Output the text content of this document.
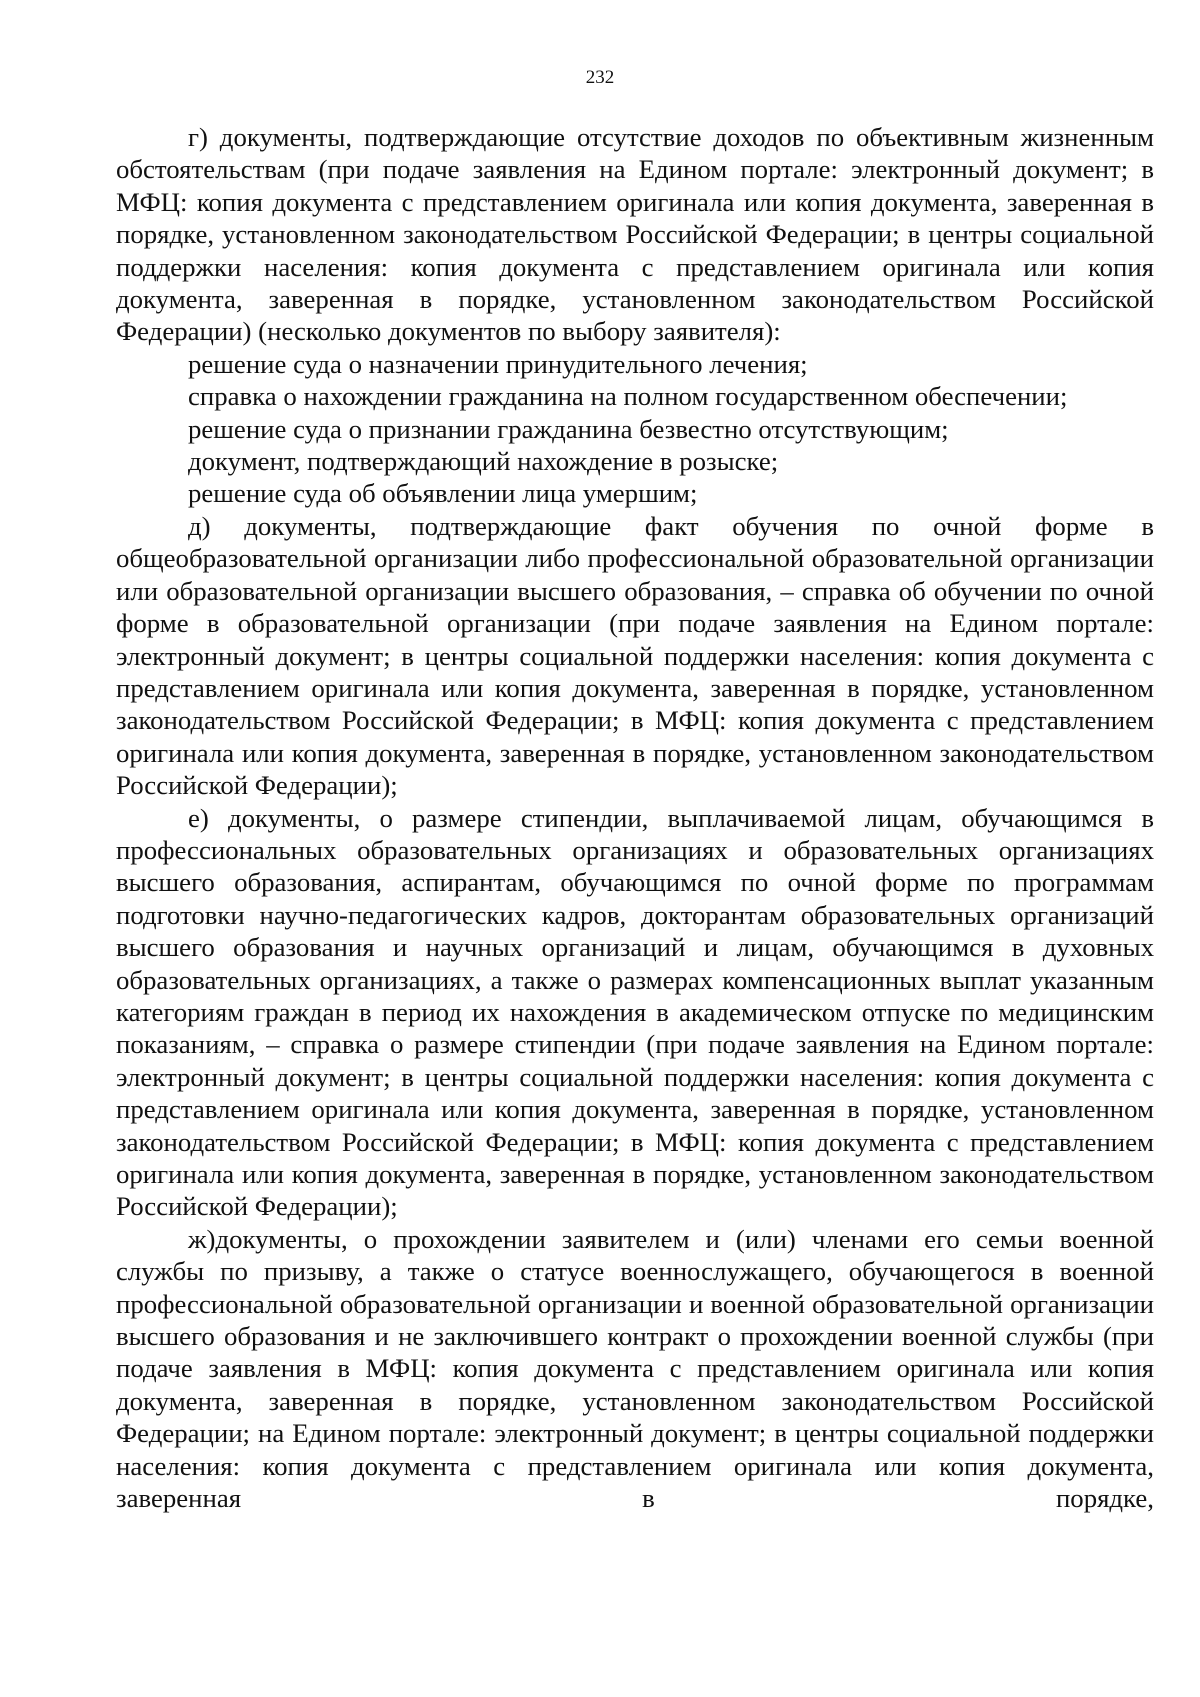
232

г) документы, подтверждающие отсутствие доходов по объективным жизненным обстоятельствам (при подаче заявления на Едином портале: электронный документ; в МФЦ: копия документа с представлением оригинала или копия документа, заверенная в порядке, установленном законодательством Российской Федерации; в центры социальной поддержки населения: копия документа с представлением оригинала или копия документа, заверенная в порядке, установленном законодательством Российской Федерации) (несколько документов по выбору заявителя):

решение суда о назначении принудительного лечения;

справка о нахождении гражданина на полном государственном обеспечении;

решение суда о признании гражданина безвестно отсутствующим;

документ, подтверждающий нахождение в розыске;

решение суда об объявлении лица умершим;

д) документы, подтверждающие факт обучения по очной форме в общеобразовательной организации либо профессиональной образовательной организации или образовательной организации высшего образования, – справка об обучении по очной форме в образовательной организации (при подаче заявления на Едином портале: электронный документ; в центры социальной поддержки населения: копия документа с представлением оригинала или копия документа, заверенная в порядке, установленном законодательством Российской Федерации; в МФЦ: копия документа с представлением оригинала или копия документа, заверенная в порядке, установленном законодательством Российской Федерации);

е) документы, о размере стипендии, выплачиваемой лицам, обучающимся в профессиональных образовательных организациях и образовательных организациях высшего образования, аспирантам, обучающимся по очной форме по программам подготовки научно-педагогических кадров, докторантам образовательных организаций высшего образования и научных организаций и лицам, обучающимся в духовных образовательных организациях, а также о размерах компенсационных выплат указанным категориям граждан в период их нахождения в академическом отпуске по медицинским показаниям, – справка о размере стипендии (при подаче заявления на Едином портале: электронный документ; в центры социальной поддержки населения: копия документа с представлением оригинала или копия документа, заверенная в порядке, установленном законодательством Российской Федерации; в МФЦ: копия документа с представлением оригинала или копия документа, заверенная в порядке, установленном законодательством Российской Федерации);

ж)документы, о прохождении заявителем и (или) членами его семьи военной службы по призыву, а также о статусе военнослужащего, обучающегося в военной профессиональной образовательной организации и военной образовательной организации высшего образования и не заключившего контракт о прохождении военной службы (при подаче заявления в МФЦ: копия документа с представлением оригинала или копия документа, заверенная в порядке, установленном законодательством Российской Федерации; на Едином портале: электронный документ; в центры социальной поддержки населения: копия документа с представлением оригинала или копия документа, заверенная в порядке,
